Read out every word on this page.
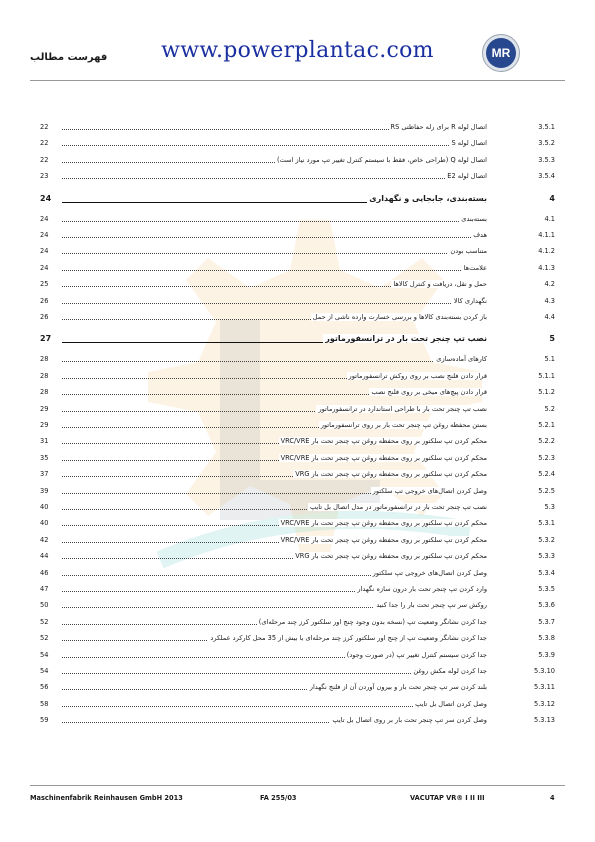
فهرست مطالب	www.powerplantac.com	MR
22	اتصال لوله R برای رله حفاظتی RS	3.5.1
22	اتصال لوله S	3.5.2
22	اتصال لوله Q (طراحی خاص، فقط با سیستم کنترل تغییر تپ مورد نیاز است)	3.5.3
23	اتصال لوله E2	3.5.4
24	بسته‌بندی، جابجایی و نگهداری	4
24	بسته‌بندی	4.1
24	هدف	4.1.1
24	متناسب بودن	4.1.2
24	علامت‌ها	4.1.3
25	حمل و نقل، دریافت و کنترل کالاها	4.2
26	نگهداری کالا	4.3
26	باز کردن بسته‌بندی کالاها و بررسی خسارت وارده ناشی از حمل	4.4
27	نصب تپ چنجر تحت بار در ترانسفورماتور	5
28	کارهای آماده‌سازی	5.1
28	قرار دادن فلنج نصب بر روی روکش ترانسفورماتور	5.1.1
28	قرار دادن پیچ‌های میخی بر روی فلنج نصب	5.1.2
29	نصب تپ چنجر تحت بار با طراحی استاندارد در ترانسفورماتور	5.2
29	بستن محفظه روغن تپ چنجر تحت بار بر روی ترانسفورماتور	5.2.1
31	محکم کردن تپ سلکتور بر روی محفظه روغن تپ چنجر تحت بار VRC/VRE	5.2.2
35	محکم کردن تپ سلکتور بر روی محفظه روغن تپ چنجر تحت بار VRC/VRE	5.2.3
37	محکم کردن تپ سلکتور بر روی محفظه روغن تپ چنجر تحت بار VRG	5.2.4
39	وصل کردن اتصال‌های خروجی تپ سلکتور	5.2.5
40	نصب تپ چنجر تحت بار در ترانسفورماتور در مدل اتصال بل تایپ	5.3
40	محکم کردن تپ سلکتور بر روی محفظه روغن تپ چنجر تحت بار VRC/VRE	5.3.1
42	محکم کردن تپ سلکتور بر روی محفظه روغن تپ چنجر تحت بار VRC/VRE	5.3.2
44	محکم کردن تپ سلکتور بر روی محفظه روغن تپ چنجر تحت بار VRG	5.3.3
46	وصل کردن اتصال‌های خروجی تپ سلکتور	5.3.4
47	وارد کردن تپ چنجر تحت بار درون سازه نگهدار	5.3.5
50	روکش سر تپ چنجر تحت بار را جدا کنید	5.3.6
52	جدا کردن نشانگر وضعیت تپ (نسخه بدون وجود چنج اور سلکتور کرز چند مرحله‌ای)	5.3.7
52	جدا کردن نشانگر وضعیت تپ از چنج اور سلکتور کرز چند مرحله‌ای با بیش از 35 محل کارکرد عملکرد	5.3.8
54	جدا کردن سیستم کنترل تغییر تپ (در صورت وجود)	5.3.9
54	جدا کردن لوله مکش روغن	5.3.10
56	بلند کردن سر تپ چنجر تحت بار و بیرون آوردن آن از فلنج نگهدار	5.3.11
58	وصل کردن اتصال بل تایپ	5.3.12
59	وصل کردن سر تپ چنجر تحت بار بر روی اتصال بل تایپ	5.3.13
Maschinenfabrik Reinhausen GmbH 2013	FA 255/03	VACUTAP VR® I II III	4
